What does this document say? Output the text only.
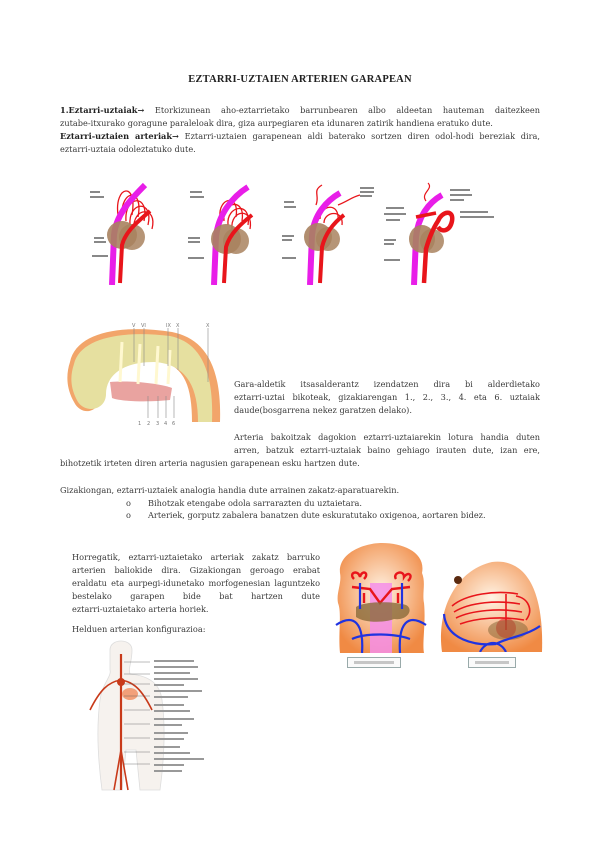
EZTARRI-UZTAIEN ARTERIEN GARAPEAN
1.Eztarri-uztaiak→ Etorkizunean aho-eztarrietako barrunbearen albo aldeetan hauteman daitezkeen
zutabe-itxurako goragune paraleloak dira, giza aurpegiaren eta idunaren zatirik handiena eratuko dute.
Eztarri-uztaien arteriak→ Eztarri-uztaien garapenean aldi baterako sortzen diren odol-hodi bereziak dira,
eztarri-uztaia odoleztatuko dute.
V VI	IX X	X
1 2 3 4 6
Gara-aldetik itsasalderantz izendatzen dira bi alderdietako
eztarri-uztai bikoteak, gizakiarengan 1., 2., 3., 4. eta 6. uztaiak
daude(bosgarrena nekez garatzen delako).
Arteria bakoitzak dagokion eztarri-uztaiarekin lotura handia duten
arren, batzuk eztarri-uztaiak baino gehiago irauten dute, izan ere,
bihotzetik irteten diren arteria nagusien garapenean esku hartzen dute.
Gizakiongan, eztarri-uztaiek analogia handia dute arrainen zakatz-aparatuarekin.
o Bihotzak etengabe odola sarrarazten du uztaietara.
o Arteriek, gorputz zabalera banatzen dute eskuratutako oxigenoa, aortaren bidez.
Horregatik, eztarri-uztaietako arteriak zakatz barruko
arterien baliokide dira. Gizakiongan geroago erabat
eraldatu eta aurpegi-idunetako morfogenesian laguntzeko
bestelako garapen bide bat hartzen dute
eztarri-uztaietako arteria horiek.
Helduen arterian konfigurazioa:
